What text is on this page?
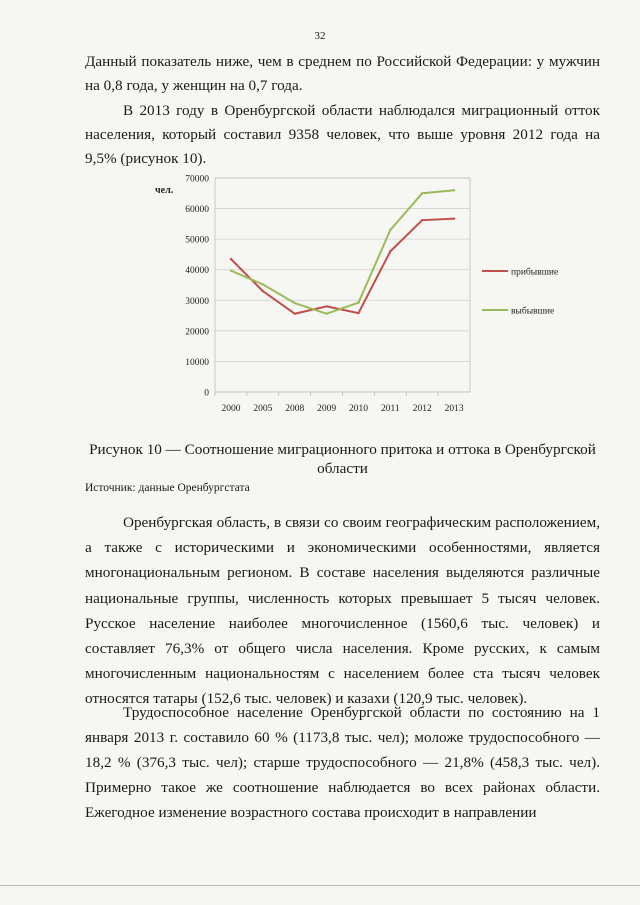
32

Данный показатель ниже, чем в среднем по Российской Федерации: у мужчин на 0,8 года, у женщин на 0,7 года.

В 2013 году в Оренбургской области наблюдался миграционный отток населения, который составил 9358 человек, что выше уровня 2012 года на 9,5% (рисунок 10).

0
10000
20000
30000
40000
50000
60000
70000
чел.
2000 2005 2008 2009 2010 2011 2012 2013
прибывшие
выбывшие

Рисунок 10 — Соотношение миграционного притока и оттока в Оренбургской области

Источник: данные Оренбургстата

Оренбургская область, в связи со своим географическим расположением, а также с историческими и экономическими особенностями, является многонациональным регионом. В составе населения выделяются различные национальные группы, численность которых превышает 5 тысяч человек. Русское население наиболее многочисленное (1560,6 тыс. человек) и составляет 76,3% от общего числа населения. Кроме русских, к самым многочисленным национальностям с населением более ста тысяч человек относятся татары (152,6 тыс. человек) и казахи (120,9 тыс. человек).

Трудоспособное население Оренбургской области по состоянию на 1 января 2013 г. составило 60 % (1173,8 тыс. чел); моложе трудоспособного — 18,2 % (376,3 тыс. чел); старше трудоспособного — 21,8% (458,3 тыс. чел). Примерно такое же соотношение наблюдается во всех районах области. Ежегодное изменение возрастного состава происходит в направлении
